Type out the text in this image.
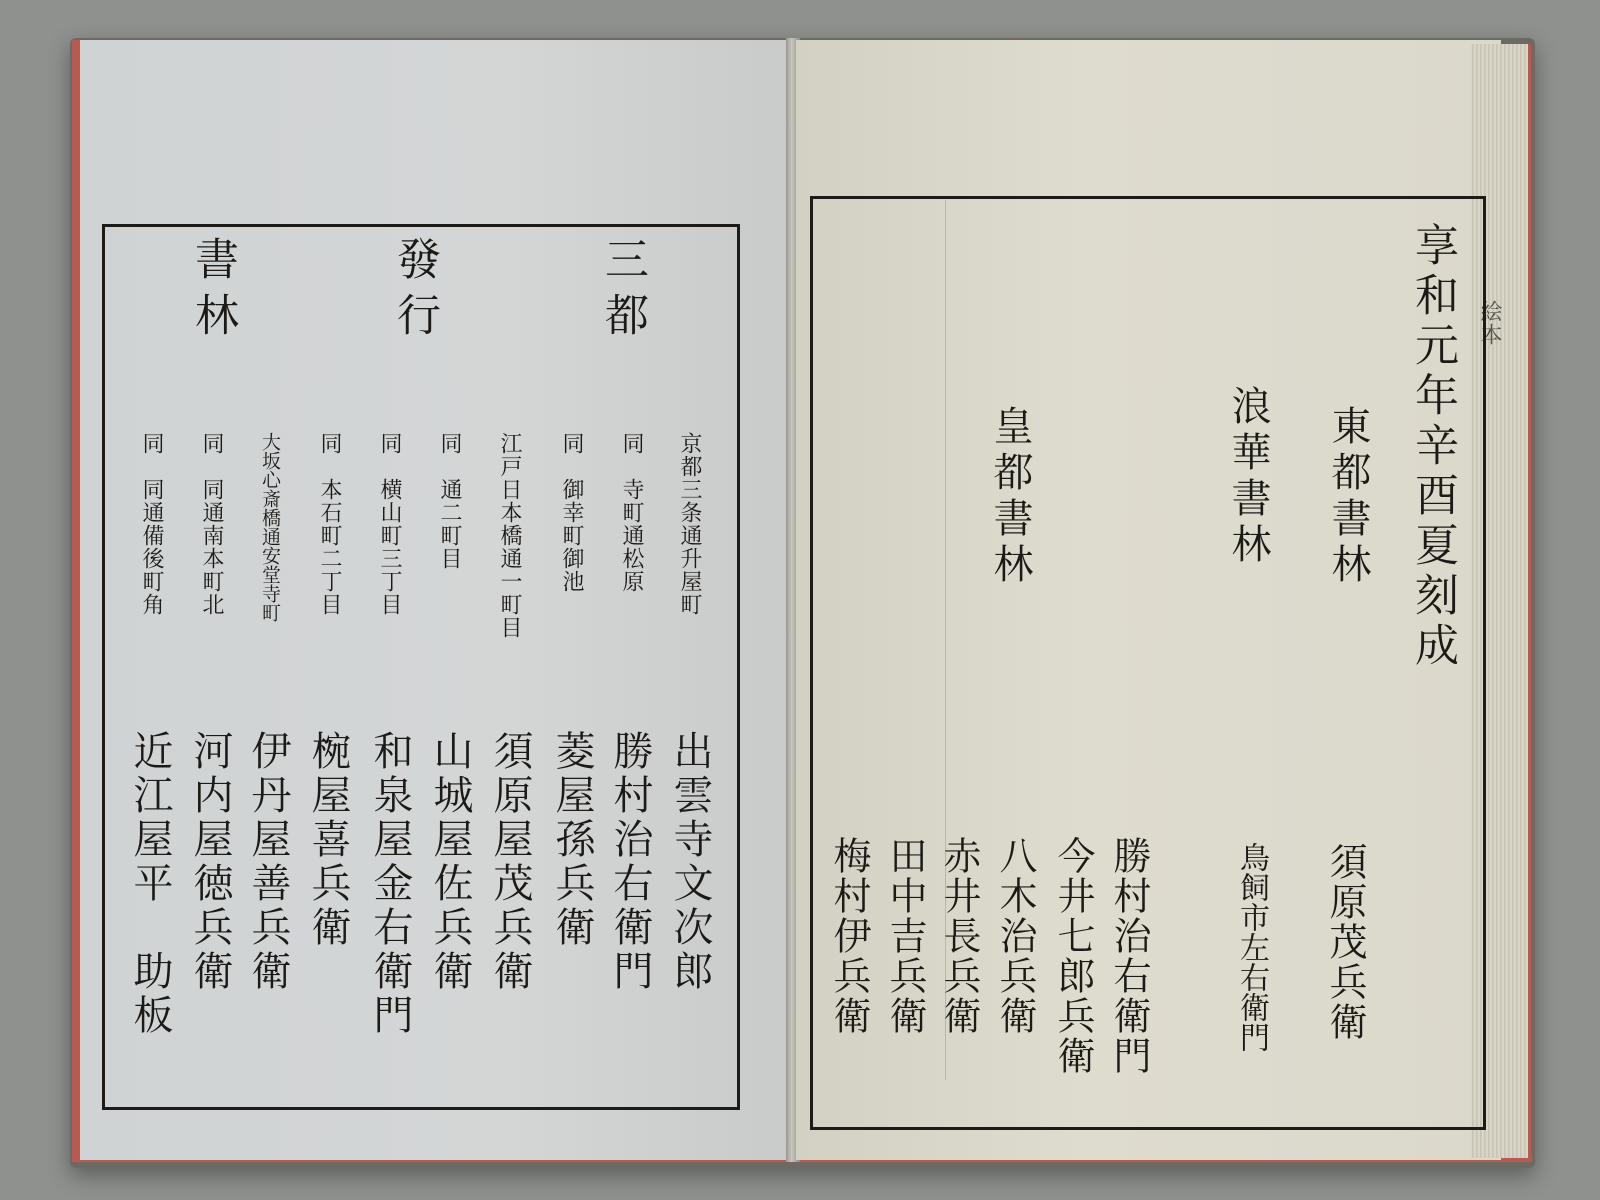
三都
發行
書林
京都三条通升屋町
同　寺町通松原
同　御幸町御池
江戸日本橋通一町目
同　通二町目
同　横山町三丁目
同　本石町二丁目
大坂心斎橋通安堂寺町
同　同通南本町北
同　同通備後町角
出雲寺文次郎
勝村治右衛門
菱屋孫兵衛
須原屋茂兵衛
山城屋佐兵衛
和泉屋金右衛門
椀屋喜兵衛
伊丹屋善兵衛
河内屋徳兵衛
近江屋平　助板
絵本
享和元年辛酉夏刻成
東都書林
浪華書林
皇都書林
須原茂兵衛
鳥飼市左右衛門
勝村治右衛門
今井七郎兵衛
八木治兵衛
赤井長兵衛
田中吉兵衛
梅村伊兵衛
